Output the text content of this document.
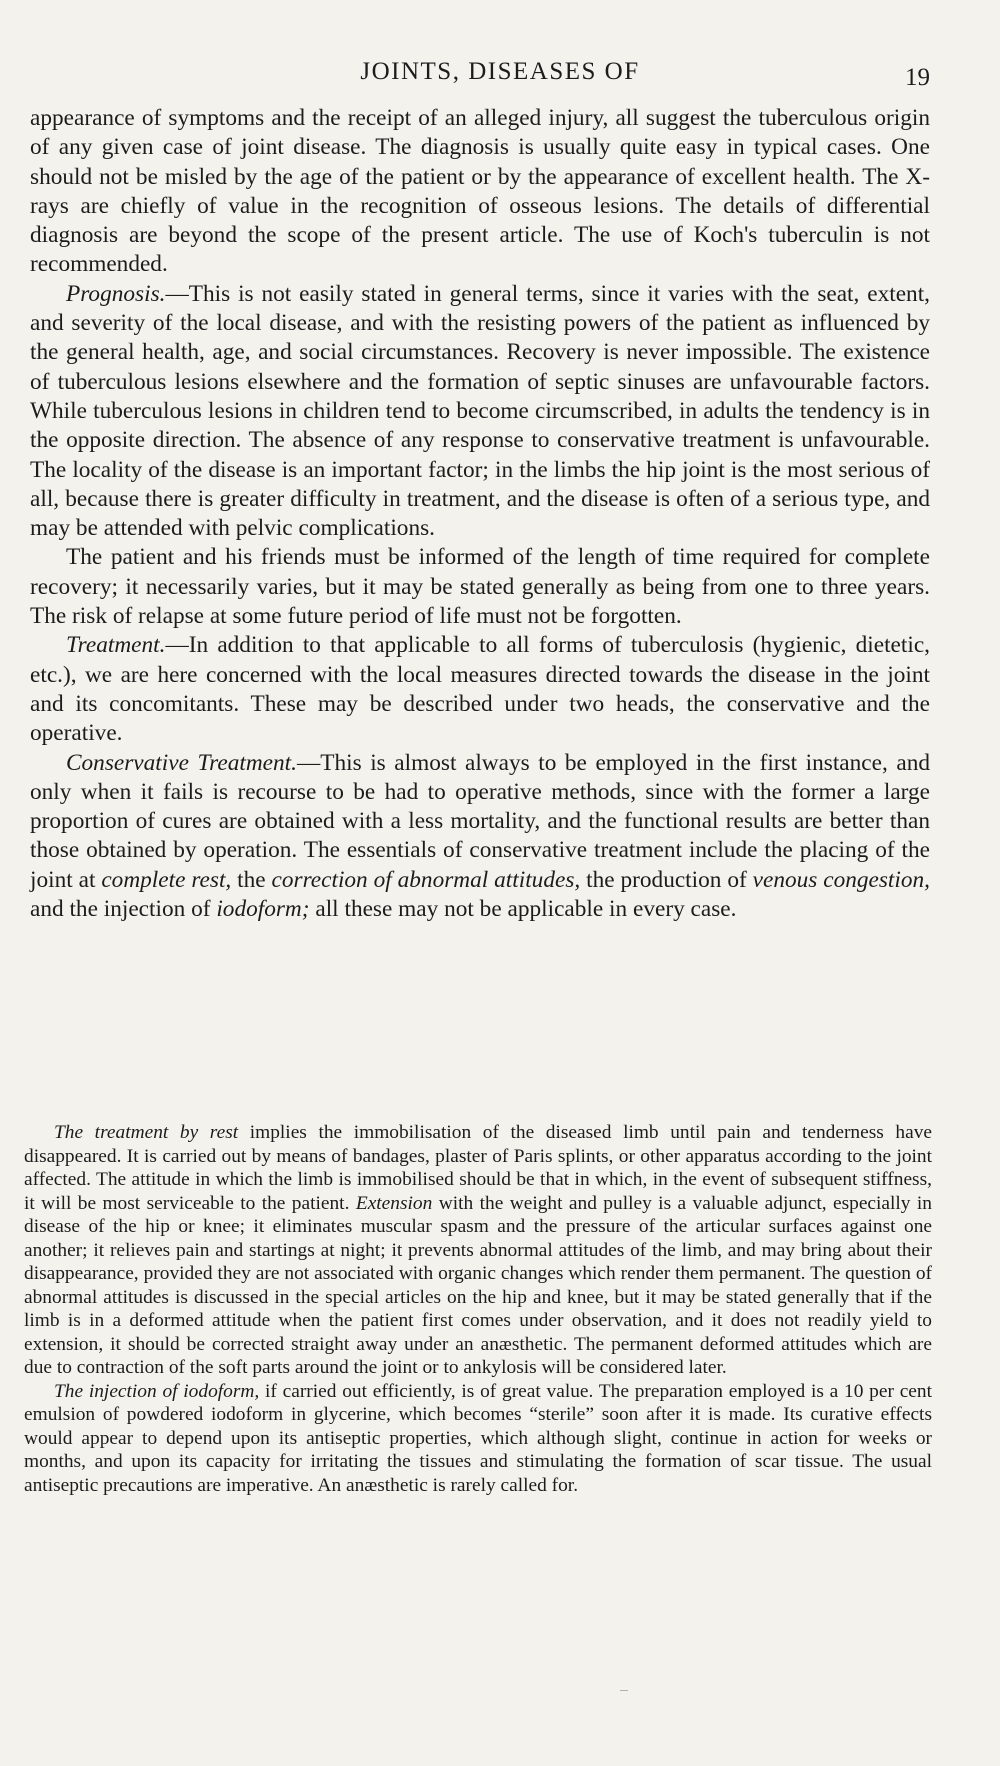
JOINTS, DISEASES OF	19

appearance of symptoms and the receipt of an alleged injury, all suggest the tuberculous origin of any given case of joint disease. The diagnosis is usually quite easy in typical cases. One should not be misled by the age of the patient or by the appearance of excellent health. The X-rays are chiefly of value in the recognition of osseous lesions. The details of differential diagnosis are beyond the scope of the present article. The use of Koch's tuberculin is not recommended.

Prognosis.—This is not easily stated in general terms, since it varies with the seat, extent, and severity of the local disease, and with the resisting powers of the patient as influenced by the general health, age, and social circumstances. Recovery is never impossible. The existence of tuberculous lesions elsewhere and the formation of septic sinuses are unfavourable factors. While tuberculous lesions in children tend to become circumscribed, in adults the tendency is in the opposite direction. The absence of any response to conservative treatment is unfavourable. The locality of the disease is an important factor; in the limbs the hip joint is the most serious of all, because there is greater difficulty in treatment, and the disease is often of a serious type, and may be attended with pelvic complications.

The patient and his friends must be informed of the length of time required for complete recovery; it necessarily varies, but it may be stated generally as being from one to three years. The risk of relapse at some future period of life must not be forgotten.

Treatment.—In addition to that applicable to all forms of tuberculosis (hygienic, dietetic, etc.), we are here concerned with the local measures directed towards the disease in the joint and its concomitants. These may be described under two heads, the conservative and the operative.

Conservative Treatment.—This is almost always to be employed in the first instance, and only when it fails is recourse to be had to operative methods, since with the former a large proportion of cures are obtained with a less mortality, and the functional results are better than those obtained by operation. The essentials of conservative treatment include the placing of the joint at complete rest, the correction of abnormal attitudes, the production of venous congestion, and the injection of iodoform; all these may not be applicable in every case.

The treatment by rest implies the immobilisation of the diseased limb until pain and tenderness have disappeared. It is carried out by means of bandages, plaster of Paris splints, or other apparatus according to the joint affected. The attitude in which the limb is immobilised should be that in which, in the event of subsequent stiffness, it will be most serviceable to the patient. Extension with the weight and pulley is a valuable adjunct, especially in disease of the hip or knee; it eliminates muscular spasm and the pressure of the articular surfaces against one another; it relieves pain and startings at night; it prevents abnormal attitudes of the limb, and may bring about their disappearance, provided they are not associated with organic changes which render them permanent. The question of abnormal attitudes is discussed in the special articles on the hip and knee, but it may be stated generally that if the limb is in a deformed attitude when the patient first comes under observation, and it does not readily yield to extension, it should be corrected straight away under an anæsthetic. The permanent deformed attitudes which are due to contraction of the soft parts around the joint or to ankylosis will be considered later.

The injection of iodoform, if carried out efficiently, is of great value. The preparation employed is a 10 per cent emulsion of powdered iodoform in glycerine, which becomes “sterile” soon after it is made. Its curative effects would appear to depend upon its antiseptic properties, which although slight, continue in action for weeks or months, and upon its capacity for irritating the tissues and stimulating the formation of scar tissue. The usual antiseptic precautions are imperative. An anæsthetic is rarely called for.
